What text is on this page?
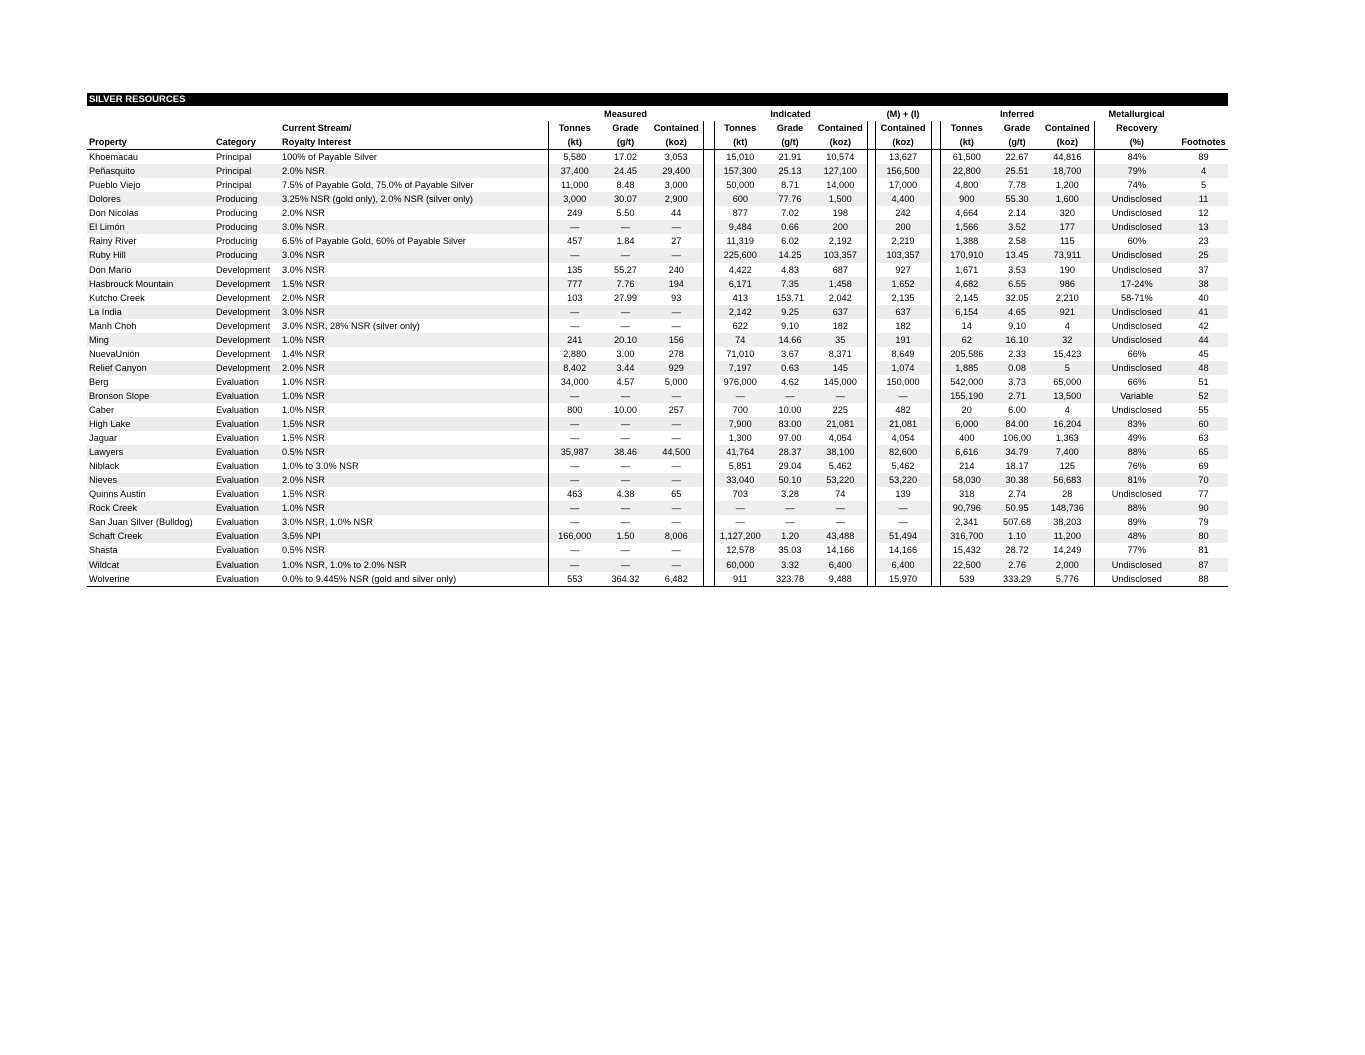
SILVER RESOURCES
			Measured				Indicated				(M) + (I)		Inferred			Metallurgical	
		Current Stream/	Tonnes	Grade	Contained		Tonnes	Grade	Contained		Contained		Tonnes	Grade	Contained	Recovery	
Property	Category	Royalty Interest	(kt)	(g/t)	(koz)		(kt)	(g/t)	(koz)		(koz)		(kt)	(g/t)	(koz)	(%)	Footnotes
Khoemacau	Principal	100% of Payable Silver	5,580	17.02	3,053		15,010	21.91	10,574		13,627		61,500	22.67	44,816	84%	89
Peñasquito	Principal	2.0% NSR	37,400	24.45	29,400		157,300	25.13	127,100		156,500		22,800	25.51	18,700	79%	4
Pueblo Viejo	Principal	7.5% of Payable Gold, 75.0% of Payable Silver	11,000	8.48	3,000		50,000	8.71	14,000		17,000		4,800	7.78	1,200	74%	5
Dolores	Producing	3.25% NSR (gold only), 2.0% NSR (silver only)	3,000	30.07	2,900		600	77.76	1,500		4,400		900	55.30	1,600	Undisclosed	11
Don Nicolas	Producing	2.0% NSR	249	5.50	44		877	7.02	198		242		4,664	2.14	320	Undisclosed	12
El Limón	Producing	3.0% NSR	—	—	—		9,484	0.66	200		200		1,566	3.52	177	Undisclosed	13
Rainy River	Producing	6.5% of Payable Gold, 60% of Payable Silver	457	1.84	27		11,319	6.02	2,192		2,219		1,388	2.58	115	60%	23
Ruby Hill	Producing	3.0% NSR	—	—	—		225,600	14.25	103,357		103,357		170,910	13.45	73,911	Undisclosed	25
Don Mario	Development	3.0% NSR	135	55.27	240		4,422	4.83	687		927		1,671	3.53	190	Undisclosed	37
Hasbrouck Mountain	Development	1.5% NSR	777	7.76	194		6,171	7.35	1,458		1,652		4,682	6.55	986	17-24%	38
Kutcho Creek	Development	2.0% NSR	103	27.99	93		413	153.71	2,042		2,135		2,145	32.05	2,210	58-71%	40
La India	Development	3.0% NSR	—	—	—		2,142	9.25	637		637		6,154	4.65	921	Undisclosed	41
Manh Choh	Development	3.0% NSR, 28% NSR (silver only)	—	—	—		622	9.10	182		182		14	9.10	4	Undisclosed	42
Ming	Development	1.0% NSR	241	20.10	156		74	14.66	35		191		62	16.10	32	Undisclosed	44
NuevaUnión	Development	1.4% NSR	2,880	3.00	278		71,010	3.67	8,371		8,649		205,586	2.33	15,423	66%	45
Relief Canyon	Development	2.0% NSR	8,402	3.44	929		7,197	0.63	145		1,074		1,885	0.08	5	Undisclosed	48
Berg	Evaluation	1.0% NSR	34,000	4.57	5,000		976,000	4.62	145,000		150,000		542,000	3.73	65,000	66%	51
Bronson Slope	Evaluation	1.0% NSR	—	—	—		—	—	—		—		155,190	2.71	13,500	Variable	52
Caber	Evaluation	1.0% NSR	800	10.00	257		700	10.00	225		482		20	6.00	4	Undisclosed	55
High Lake	Evaluation	1.5% NSR	—	—	—		7,900	83.00	21,081		21,081		6,000	84.00	16,204	83%	60
Jaguar	Evaluation	1.5% NSR	—	—	—		1,300	97.00	4,054		4,054		400	106.00	1,363	49%	63
Lawyers	Evaluation	0.5% NSR	35,987	38.46	44,500		41,764	28.37	38,100		82,600		6,616	34.79	7,400	88%	65
Niblack	Evaluation	1.0% to 3.0% NSR	—	—	—		5,851	29.04	5,462		5,462		214	18.17	125	76%	69
Nieves	Evaluation	2.0% NSR	—	—	—		33,040	50.10	53,220		53,220		58,030	30.38	56,683	81%	70
Quinns Austin	Evaluation	1.5% NSR	463	4.38	65		703	3.28	74		139		318	2.74	28	Undisclosed	77
Rock Creek	Evaluation	1.0% NSR	—	—	—		—	—	—		—		90,796	50.95	148,736	88%	90
San Juan Silver (Bulldog)	Evaluation	3.0% NSR, 1.0% NSR	—	—	—		—	—	—		—		2,341	507.68	38,203	89%	79
Schaft Creek	Evaluation	3.5% NPI	166,000	1.50	8,006		1,127,200	1.20	43,488		51,494		316,700	1.10	11,200	48%	80
Shasta	Evaluation	0.5% NSR	—	—	—		12,578	35.03	14,166		14,166		15,432	28.72	14,249	77%	81
Wildcat	Evaluation	1.0% NSR, 1.0% to 2.0% NSR	—	—	—		60,000	3.32	6,400		6,400		22,500	2.76	2,000	Undisclosed	87
Wolverine	Evaluation	0.0% to 9.445% NSR (gold and silver only)	553	364.32	6,482		911	323.78	9,488		15,970		539	333.29	5,776	Undisclosed	88
